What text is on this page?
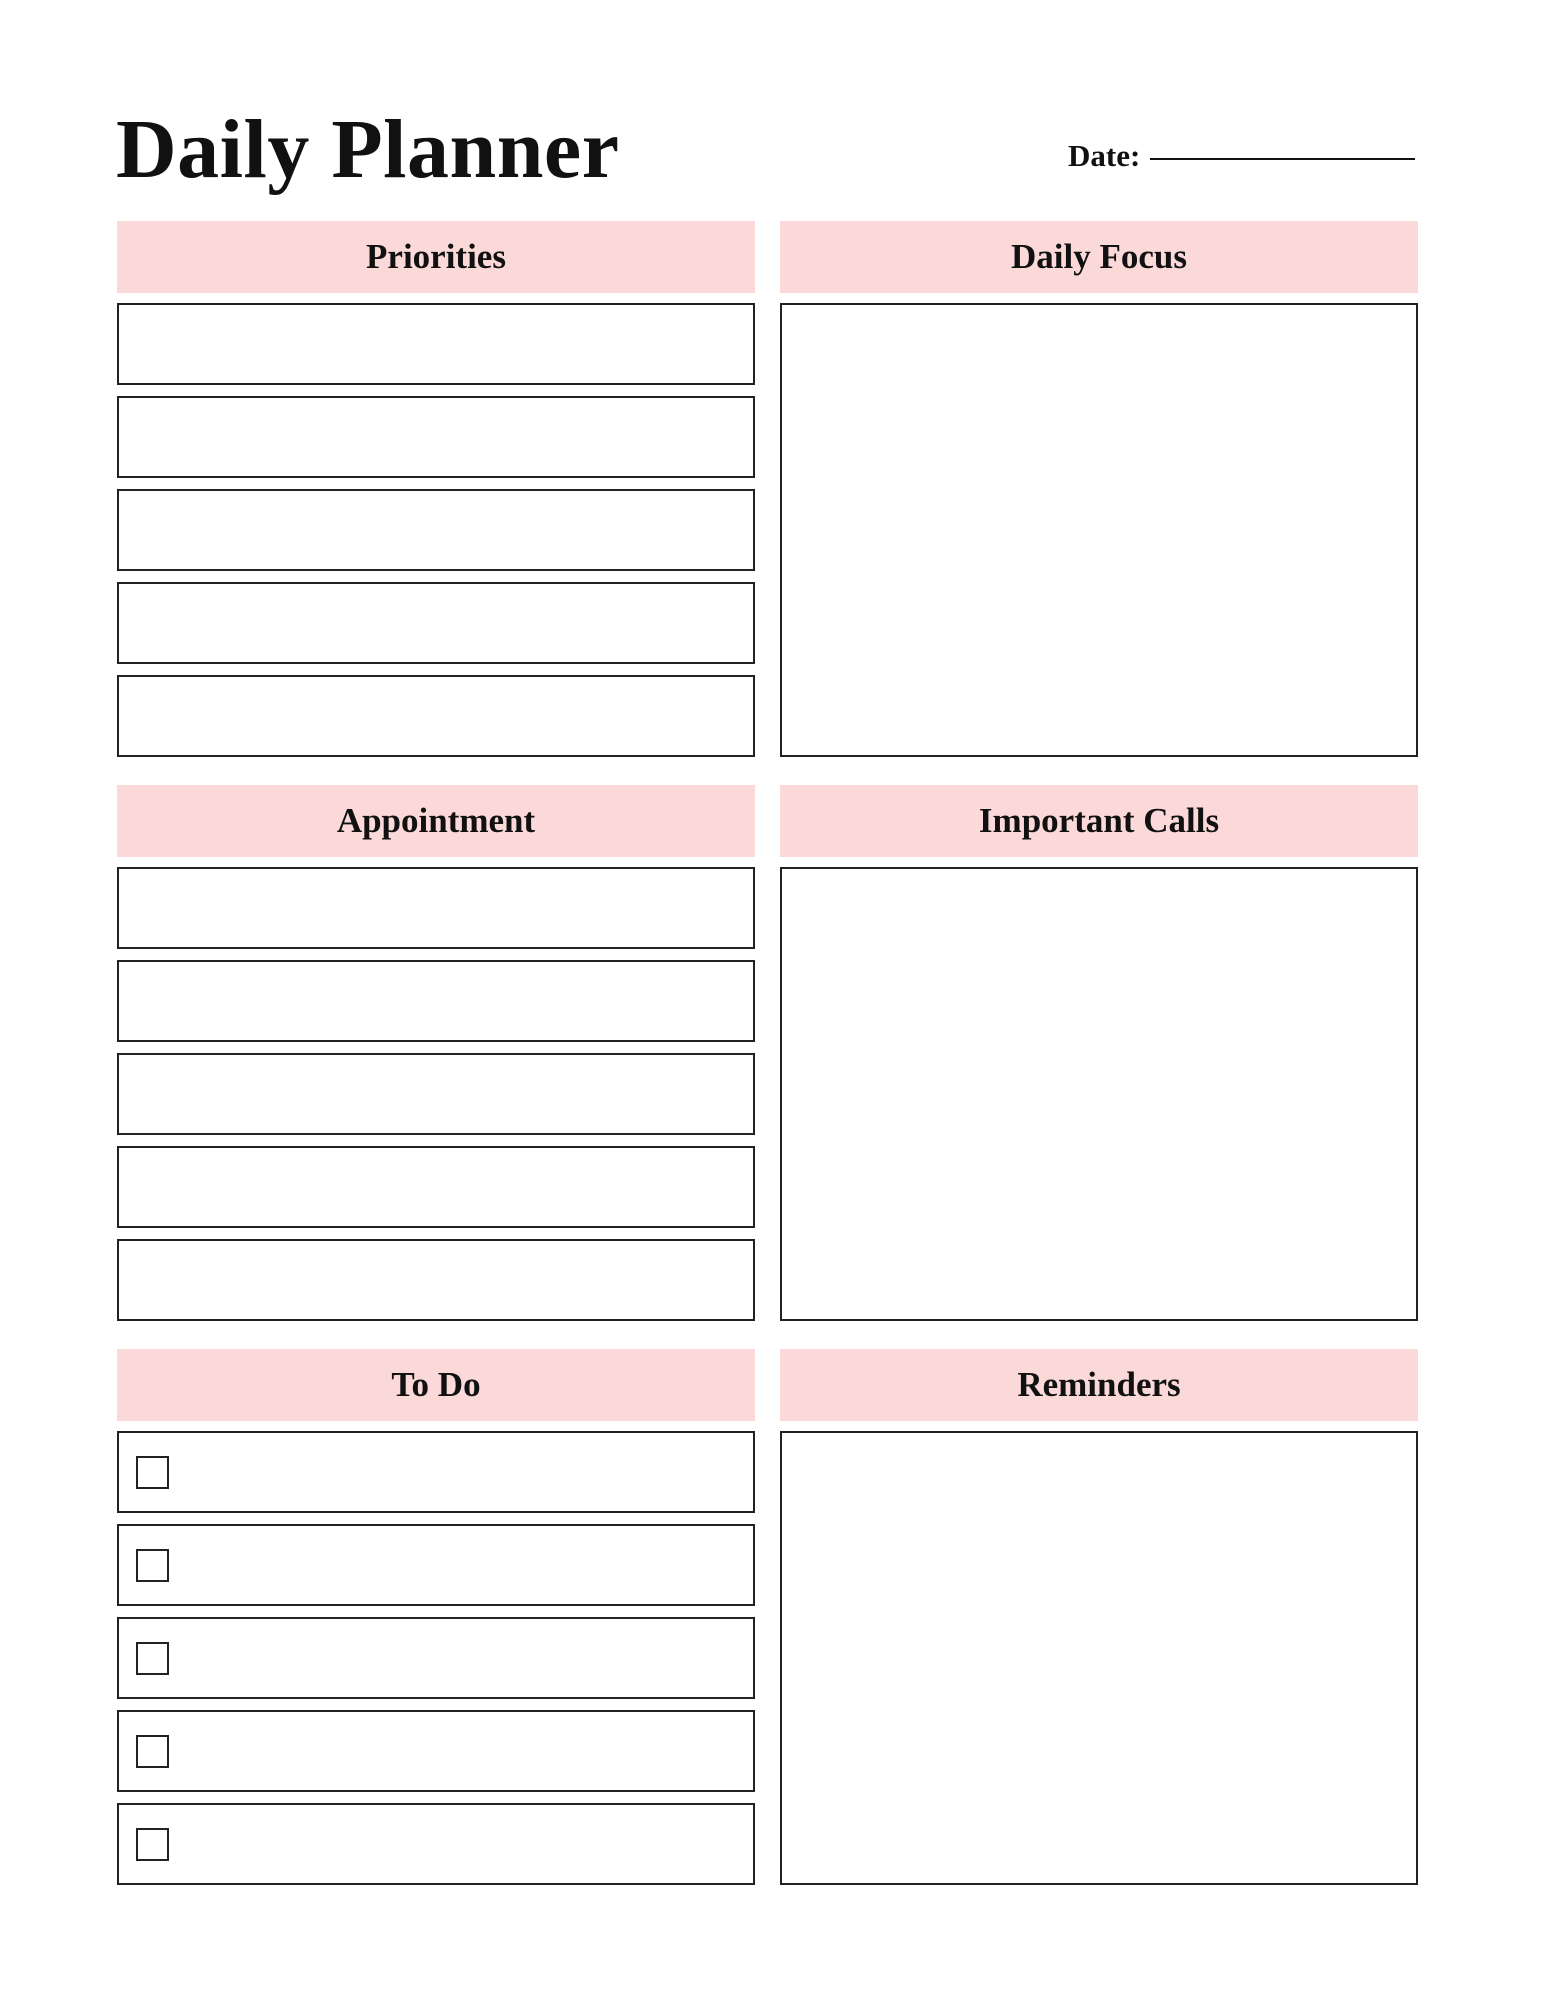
Daily Planner	Date:
Priorities	Daily Focus
Appointment	Important Calls
To Do	Reminders
